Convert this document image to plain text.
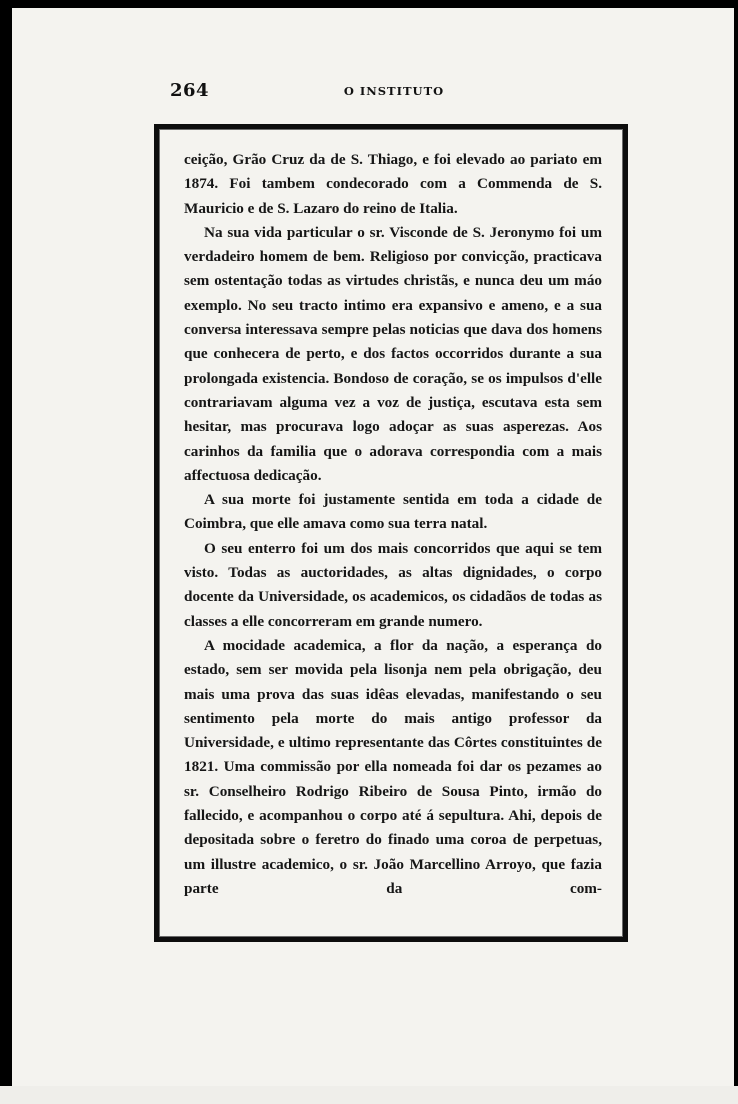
264	O INSTITUTO

ceição, Grão Cruz da de S. Thiago, e foi elevado ao pariato em 1874. Foi tambem condecorado com a Commenda de S. Mauricio e de S. Lazaro do reino de Italia.

Na sua vida particular o sr. Visconde de S. Jeronymo foi um verdadeiro homem de bem. Religioso por convicção, practicava sem ostentação todas as virtudes christãs, e nunca deu um máo exemplo. No seu tracto intimo era expansivo e ameno, e a sua conversa interessava sempre pelas noticias que dava dos homens que conhecera de perto, e dos factos occorridos durante a sua prolongada existencia. Bondoso de coração, se os impulsos d'elle contrariavam alguma vez a voz de justiça, escutava esta sem hesitar, mas procurava logo adoçar as suas asperezas. Aos carinhos da familia que o adorava correspondia com a mais affectuosa dedicação.

A sua morte foi justamente sentida em toda a cidade de Coimbra, que elle amava como sua terra natal.

O seu enterro foi um dos mais concorridos que aqui se tem visto. Todas as auctoridades, as altas dignidades, o corpo docente da Universidade, os academicos, os cidadãos de todas as classes a elle concorreram em grande numero.

A mocidade academica, a flor da nação, a esperança do estado, sem ser movida pela lisonja nem pela obrigação, deu mais uma prova das suas idêas elevadas, manifestando o seu sentimento pela morte do mais antigo professor da Universidade, e ultimo representante das Côrtes constituintes de 1821. Uma commissão por ella nomeada foi dar os pezames ao sr. Conselheiro Rodrigo Ribeiro de Sousa Pinto, irmão do fallecido, e acompanhou o corpo até á sepultura. Ahi, depois de depositada sobre o feretro do finado uma coroa de perpetuas, um illustre academico, o sr. João Marcellino Arroyo, que fazia parte da com-
